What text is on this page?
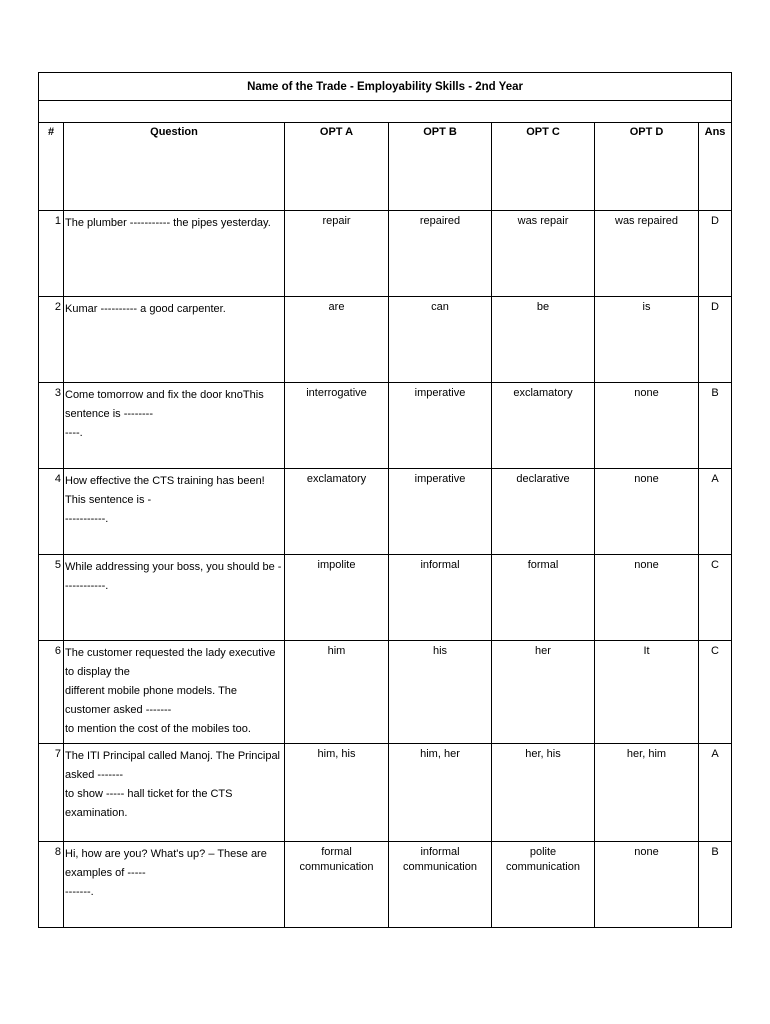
Name of the Trade - Employability Skills - 2nd Year						

#	Question	OPT A	OPT B	OPT C	OPT D	Ans
1	The plumber ----------- the pipes yesterday.	repair	repaired	was repair	was repaired	D
2	Kumar ---------- a good carpenter.	are	can	be	is	D
3	Come tomorrow and fix the door knoThis sentence is --------
----.	interrogative	imperative	exclamatory	none	B
4	How effective the CTS training has been! This sentence is -
-----------.	exclamatory	imperative	declarative	none	A
5	While addressing your boss, you should be ------------.	impolite	informal	formal	none	C
6	The customer requested the lady executive to display the
different mobile phone models. The customer asked -------
to mention the cost of the mobiles too.	him	his	her	It	C
7	The ITI Principal called Manoj. The Principal asked -------
to show ----- hall ticket for the CTS examination.	him, his	him, her	her, his	her, him	A
8	Hi, how are you? What's up? – These are examples of -----
-------.	formal communication	informal communication	polite communication	none	B
